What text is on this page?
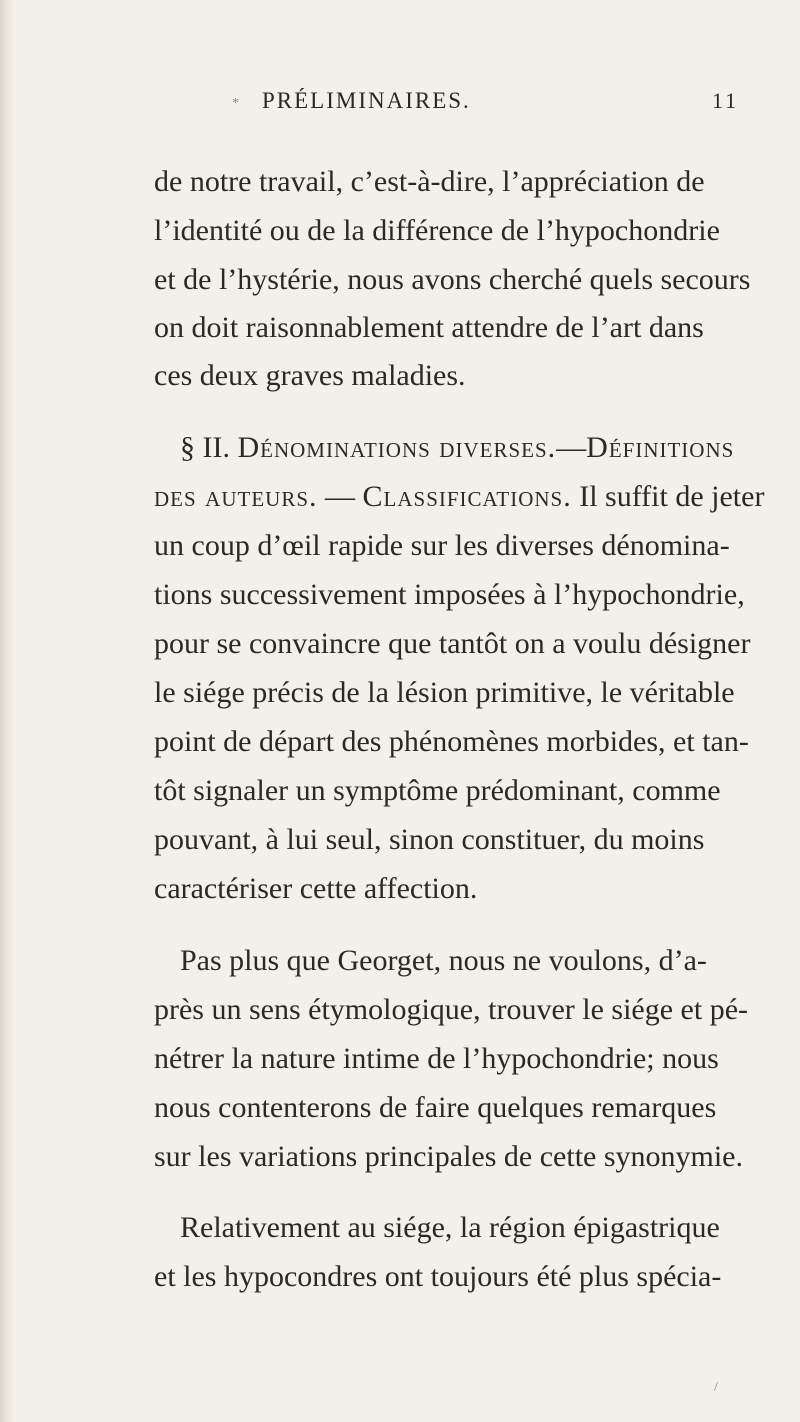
PRÉLIMINAIRES.	11
*
de notre travail, c’est-à-dire, l’appréciation de
l’identité ou de la différence de l’hypochondrie
et de l’hystérie, nous avons cherché quels secours
on doit raisonnablement attendre de l’art dans
ces deux graves maladies.
§ II. Dénominations diverses.—Définitions
des auteurs. — Classifications. Il suffit de jeter
un coup d’œil rapide sur les diverses dénomina-
tions successivement imposées à l’hypochondrie,
pour se convaincre que tantôt on a voulu désigner
le siége précis de la lésion primitive, le véritable
point de départ des phénomènes morbides, et tan-
tôt signaler un symptôme prédominant, comme
pouvant, à lui seul, sinon constituer, du moins
caractériser cette affection.
Pas plus que Georget, nous ne voulons, d’a-
près un sens étymologique, trouver le siége et pé-
nétrer la nature intime de l’hypochondrie; nous
nous contenterons de faire quelques remarques
sur les variations principales de cette synonymie.
Relativement au siége, la région épigastrique
et les hypocondres ont toujours été plus spécia-
/
